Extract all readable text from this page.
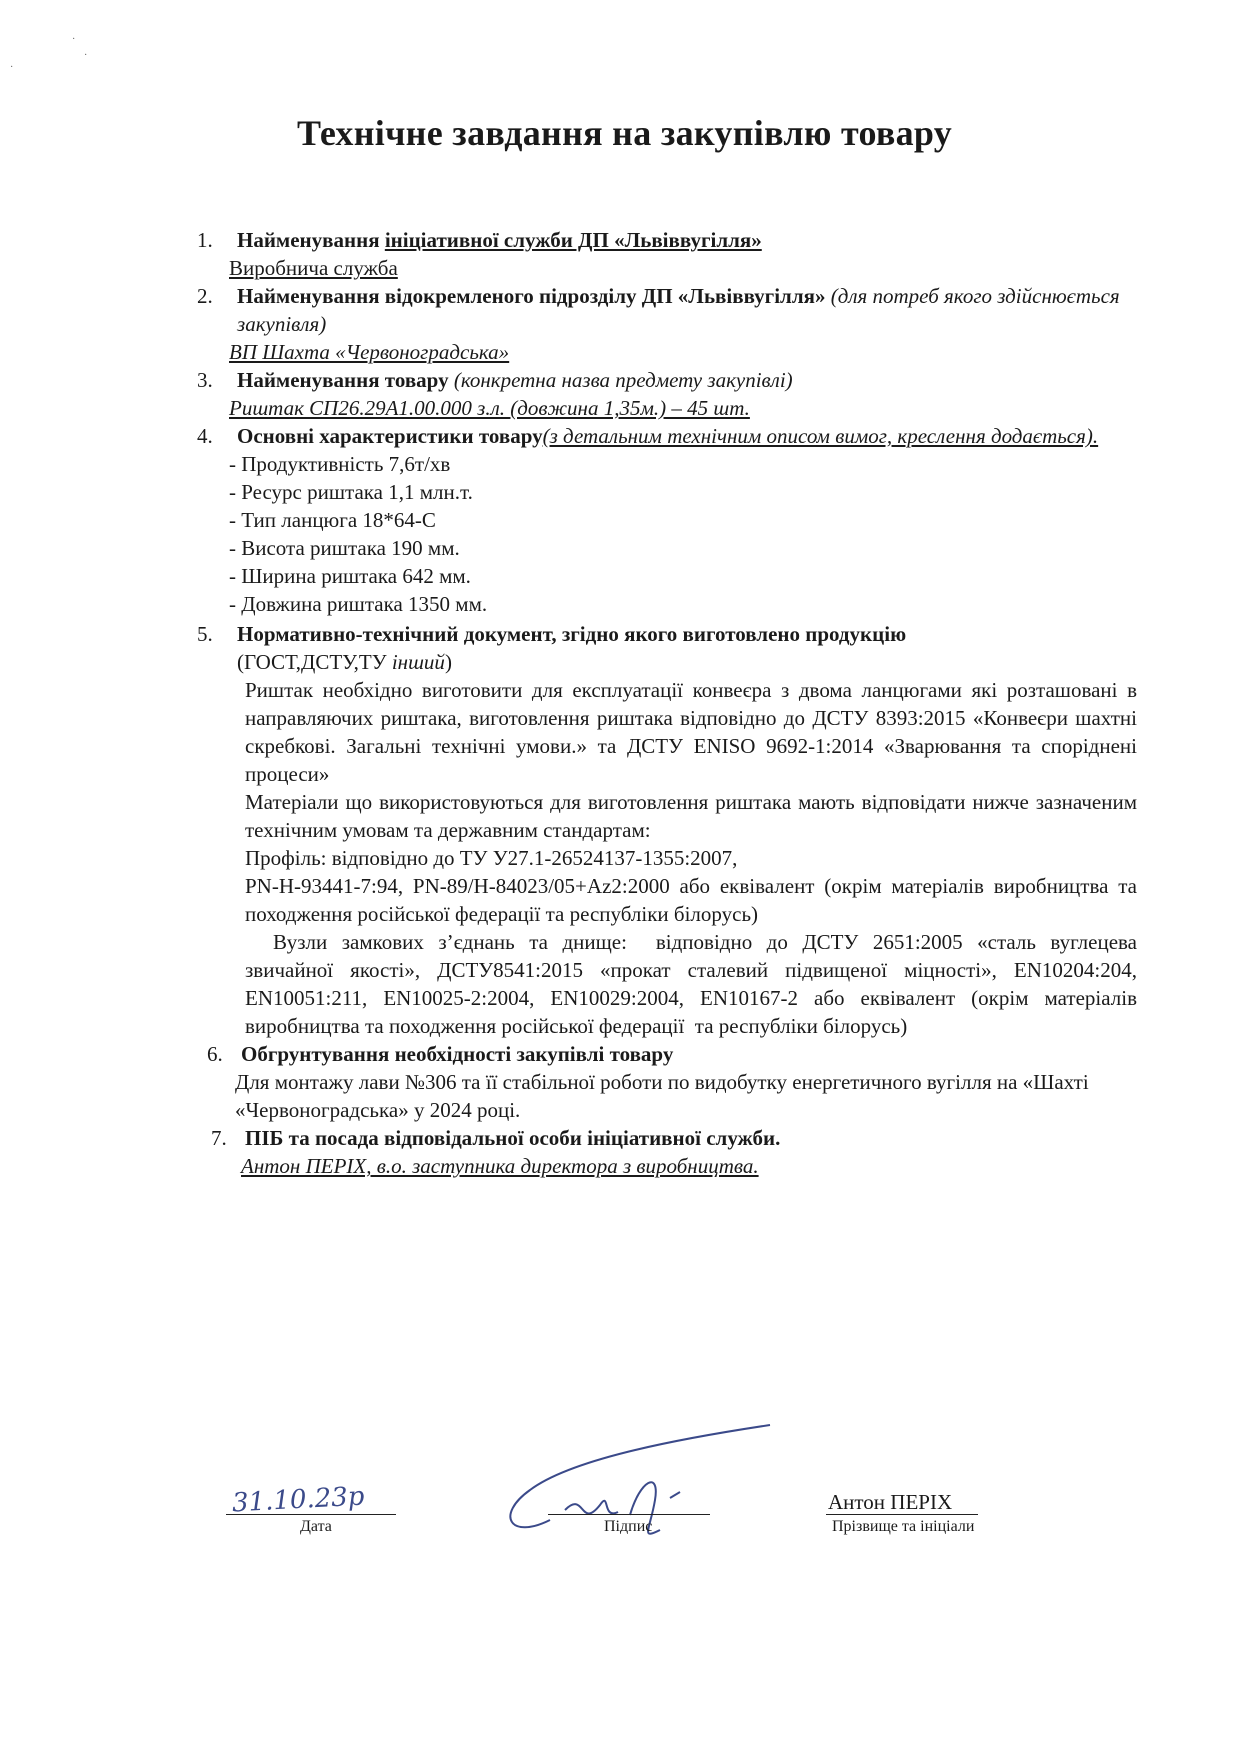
·
·
·
Технічне завдання на закупівлю товару
1. Найменування ініціативної служби ДП «Львіввугілля»
Виробнича служба
2. Найменування відокремленого підрозділу ДП «Львіввугілля» (для потреб якого здійснюється закупівля)
ВП Шахта «Червоноградська»
3. Найменування товару (конкретна назва предмету закупівлі)
Риштак СП26.29А1.00.000 з.л. (довжина 1,35м.) – 45 шт.
4. Основні характеристики товару(з детальним технічним описом вимог, креслення додається).
- Продуктивність 7,6т/хв
- Ресурс риштака 1,1 млн.т.
- Тип ланцюга 18*64-С
- Висота риштака 190 мм.
- Ширина риштака 642 мм.
- Довжина риштака 1350 мм.
5. Нормативно-технічний документ, згідно якого виготовлено продукцію
(ГОСТ,ДСТУ,ТУ інший)
Риштак необхідно виготовити для експлуатації конвеєра з двома ланцюгами які розташовані в направляючих риштака, виготовлення риштака відповідно до ДСТУ 8393:2015 «Конвеєри шахтні скребкові. Загальні технічні умови.» та ДСТУ ENISO 9692-1:2014 «Зварювання та споріднені процеси»
Матеріали що використовуються для виготовлення риштака мають відповідати нижче зазначеним технічним умовам та державним стандартам:
Профіль: відповідно до ТУ У27.1-26524137-1355:2007,
PN-H-93441-7:94, PN-89/H-84023/05+Az2:2000 або еквівалент (окрім матеріалів виробництва та походження російської федерації та республіки білорусь)
Вузли замкових з’єднань та днище:  відповідно до ДСТУ 2651:2005 «сталь вуглецева            звичайної якості», ДСТУ8541:2015 «прокат сталевий підвищеної міцності», EN10204:204, EN10051:211, EN10025-2:2004, EN10029:2004, EN10167-2 або еквівалент (окрім матеріалів виробництва та походження російської федерації  та республіки білорусь)
6. Обгрунтування необхідності закупівлі товару
Для монтажу лави №306 та її стабільної роботи по видобутку енергетичного вугілля на «Шахті «Червоноградська» у 2024 році.
7. ПІБ та посада відповідальної особи ініціативної служби.
Антон ПЕРІХ, в.о. заступника директора з виробництва.
31.10.23р
Дата	Підпис
Антон ПЕРІХ
Прізвище та ініціали
